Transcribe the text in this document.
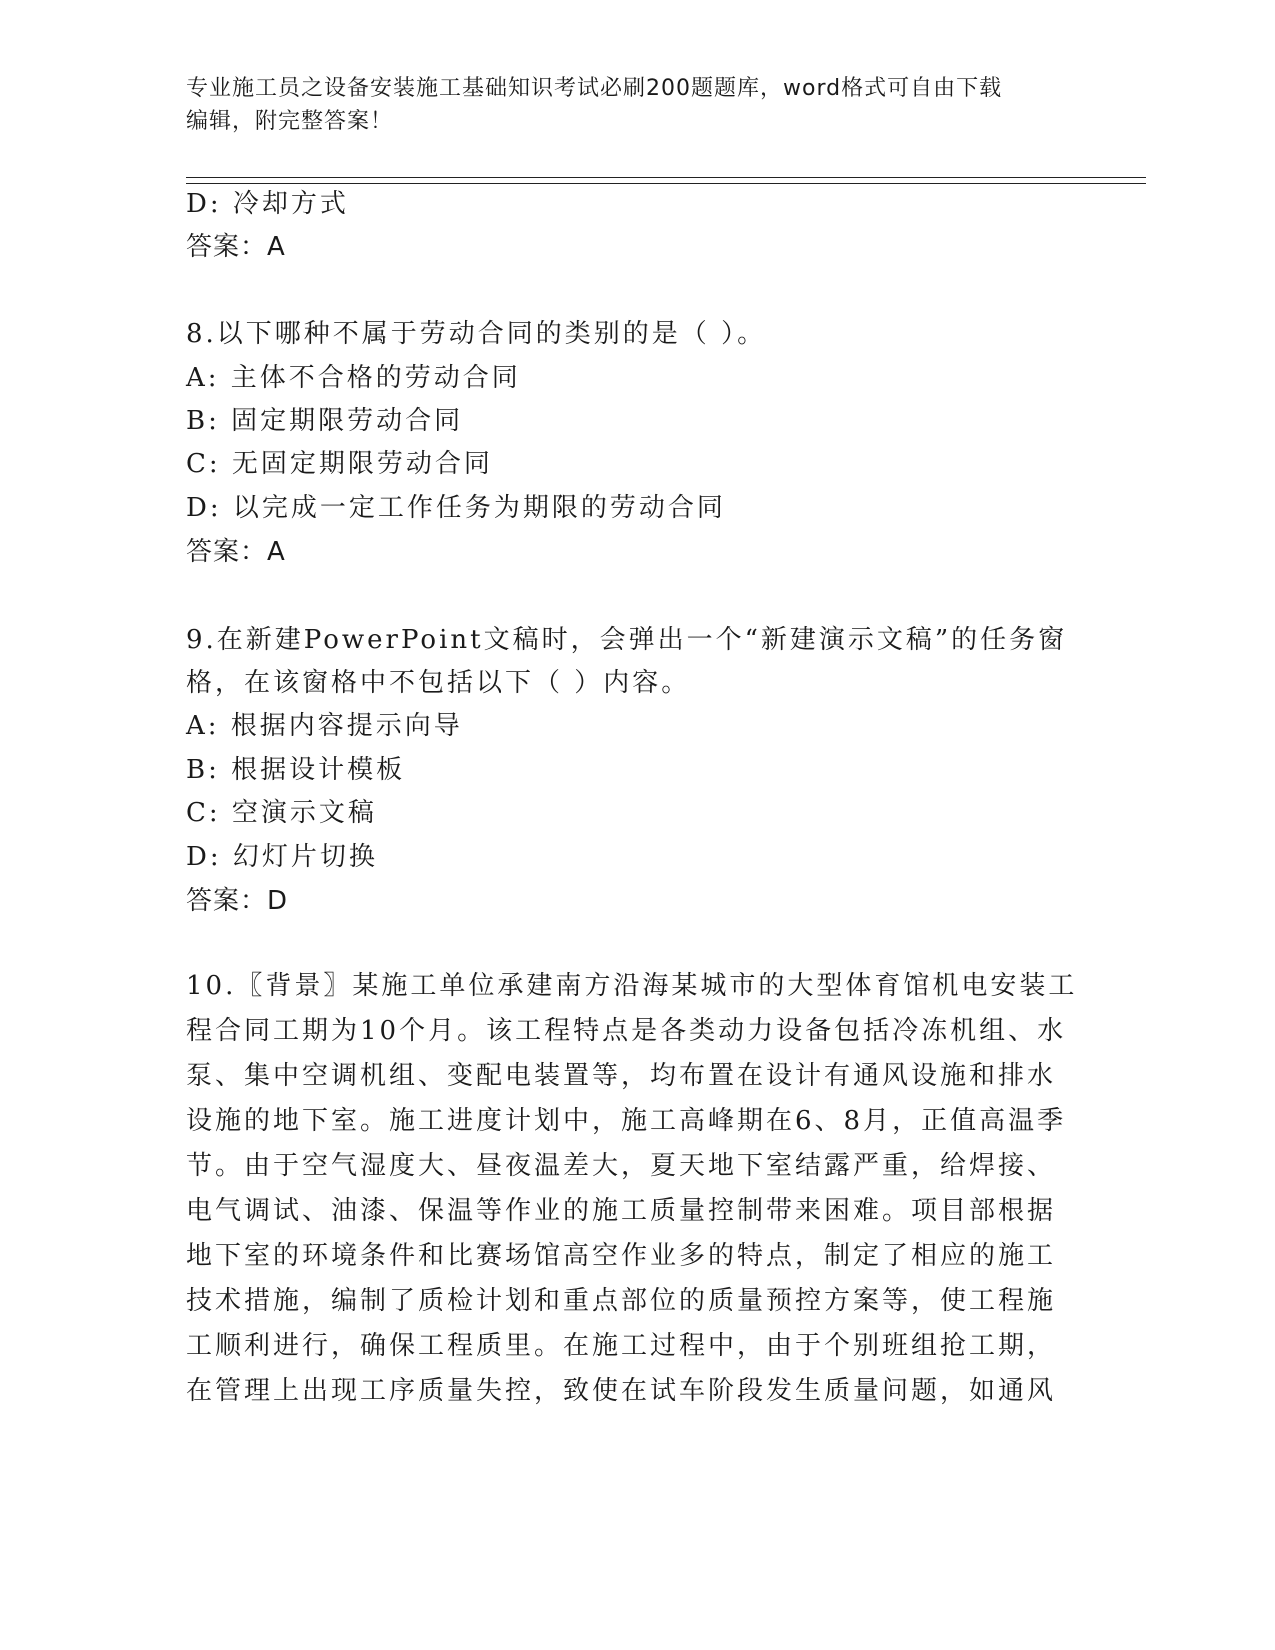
专业施工员之设备安装施工基础知识考试必刷200题题库，word格式可自由下载
编辑，附完整答案！
D: 冷却方式
答案：A
8.以下哪种不属于劳动合同的类别的是（ ）。
A: 主体不合格的劳动合同
B: 固定期限劳动合同
C: 无固定期限劳动合同
D: 以完成一定工作任务为期限的劳动合同
答案：A
9.在新建PowerPoint文稿时，会弹出一个“新建演示文稿”的任务窗
格，在该窗格中不包括以下（ ）内容。
A: 根据内容提示向导
B: 根据设计模板
C: 空演示文稿
D: 幻灯片切换
答案：D
10.〖背景〗某施工单位承建南方沿海某城市的大型体育馆机电安装工
程合同工期为10个月。该工程特点是各类动力设备包括冷冻机组、水
泵、集中空调机组、变配电装置等，均布置在设计有通风设施和排水
设施的地下室。施工进度计划中，施工高峰期在6、8月，正值高温季
节。由于空气湿度大、昼夜温差大，夏天地下室结露严重，给焊接、
电气调试、油漆、保温等作业的施工质量控制带来困难。项目部根据
地下室的环境条件和比赛场馆高空作业多的特点，制定了相应的施工
技术措施，编制了质检计划和重点部位的质量预控方案等，使工程施
工顺利进行，确保工程质里。在施工过程中，由于个别班组抢工期，
在管理上出现工序质量失控，致使在试车阶段发生质量问题，如通风
